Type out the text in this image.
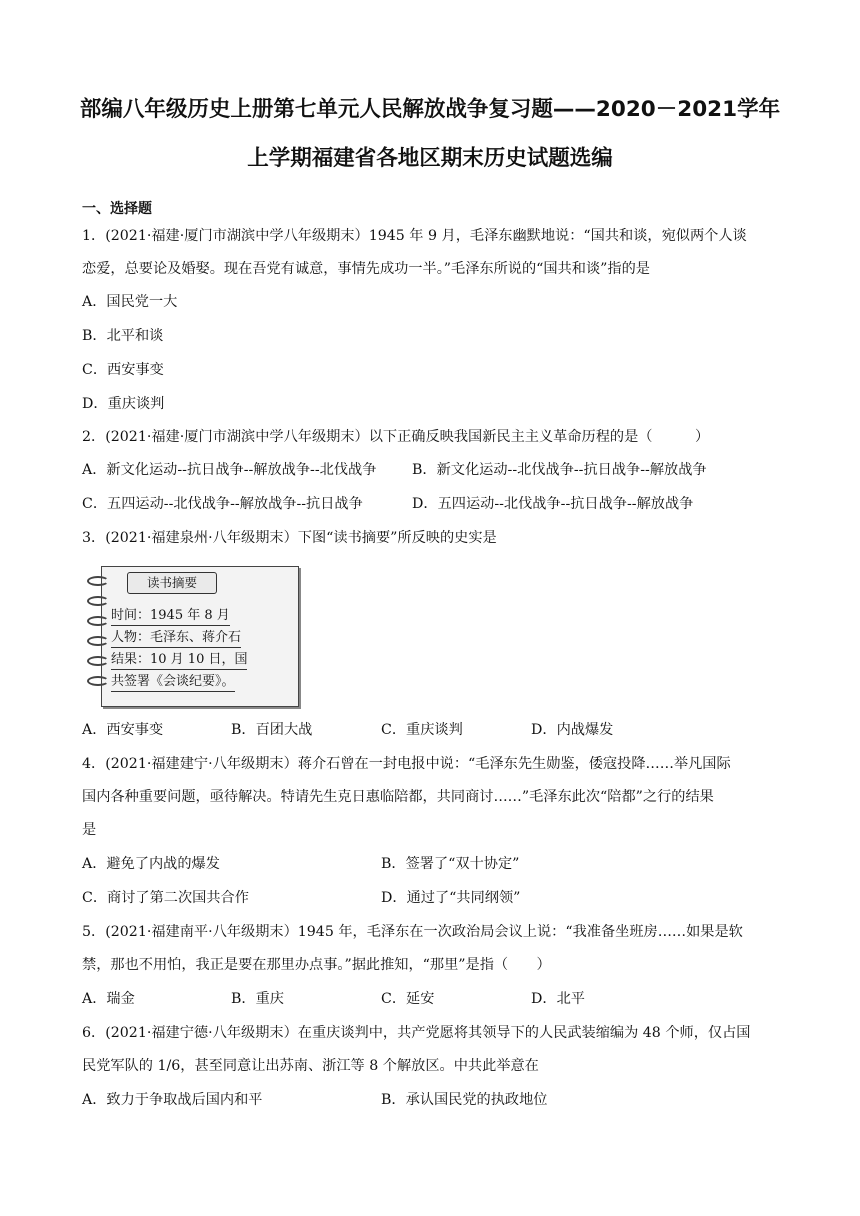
部编八年级历史上册第七单元人民解放战争复习题——2020－2021学年
上学期福建省各地区期末历史试题选编
一、选择题
1．(2021·福建·厦门市湖滨中学八年级期末）1945 年 9 月，毛泽东幽默地说：“国共和谈，宛似两个人谈
恋爱，总要论及婚娶。现在吾党有诚意，事情先成功一半。”毛泽东所说的“国共和谈”指的是
A．国民党一大
B．北平和谈
C．西安事变
D．重庆谈判
2．(2021·福建·厦门市湖滨中学八年级期末）以下正确反映我国新民主主义革命历程的是（　　　）
A．新文化运动--抗日战争--解放战争--北伐战争	B．新文化运动--北伐战争--抗日战争--解放战争
C．五四运动--北伐战争--解放战争--抗日战争	D．五四运动--北伐战争--抗日战争--解放战争
3．(2021·福建泉州·八年级期末）下图“读书摘要”所反映的史实是
读书摘要
时间：1945 年 8 月
人物：毛泽东、蒋介石
结果：10 月 10 日，国
共签署《会谈纪要》。
A．西安事变	B．百团大战	C．重庆谈判	D．内战爆发
4．(2021·福建建宁·八年级期末）蒋介石曾在一封电报中说：“毛泽东先生勋鉴，倭寇投降……举凡国际
国内各种重要问题，亟待解决。特请先生克日惠临陪都，共同商讨……”毛泽东此次“陪都”之行的结果
是
A．避免了内战的爆发	B．签署了“双十协定”
C．商讨了第二次国共合作	D．通过了“共同纲领”
5．(2021·福建南平·八年级期末）1945 年，毛泽东在一次政治局会议上说：“我准备坐班房……如果是软
禁，那也不用怕，我正是要在那里办点事。”据此推知，“那里”是指（　　）
A．瑞金	B．重庆	C．延安	D．北平
6．(2021·福建宁德·八年级期末）在重庆谈判中，共产党愿将其领导下的人民武装缩编为 48 个师，仅占国
民党军队的 1/6，甚至同意让出苏南、浙江等 8 个解放区。中共此举意在
A．致力于争取战后国内和平	B．承认国民党的执政地位
